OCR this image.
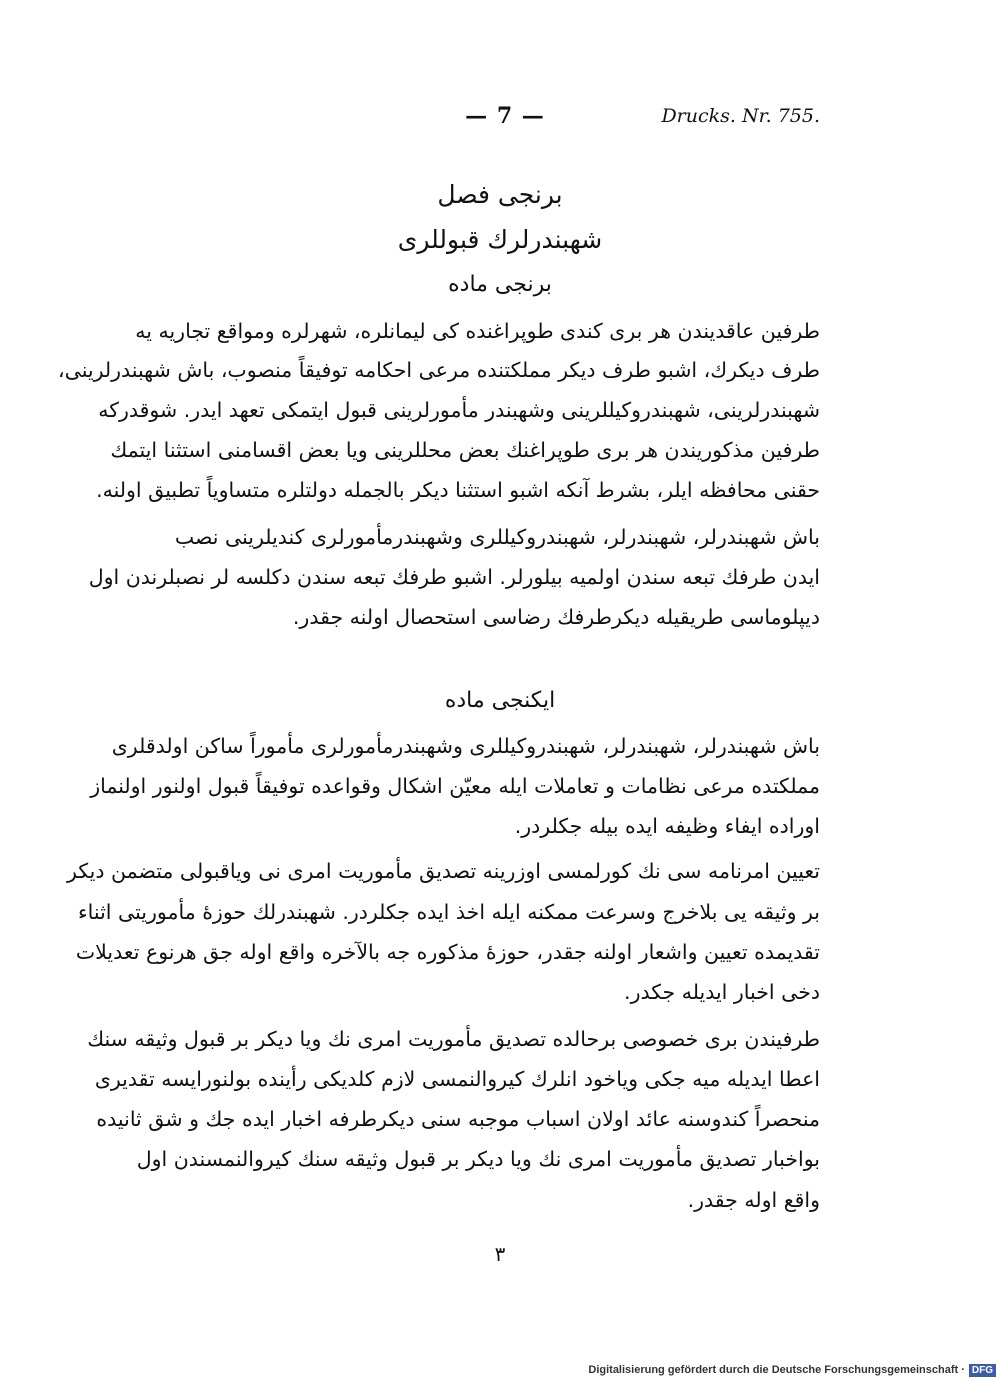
— 7 —	Drucks. Nr. 755.
برنجی فصل
شهبندرلرك قبوللری
برنجی ماده
طرفین عاقدیندن هر بری کندی طوپراغنده کی لیمانلره، شهرلره ومواقع تجاریه یه
طرف دیکرك، اشبو طرف دیکر مملکتنده مرعی احکامه توفیقاً منصوب، باش شهبندرلرینی،
شهبندرلرینی، شهبندروکیللرینی وشهبندر مأمورلرینی قبول ایتمکی تعهد ایدر. شوقدرکه
طرفین مذکوریندن هر بری طوپراغنك بعض محللرینی ویا بعض اقسامنی استثنا ایتمك
حقنی محافظه ایلر، بشرط آنکه اشبو استثنا دیکر بالجمله دولتلره متساویاً تطبیق اولنه.
باش شهبندرلر، شهبندرلر، شهبندروکیللری وشهبندرمأمورلری کندیلرینی نصب
ایدن طرفك تبعه سندن اولمیه بیلورلر. اشبو طرفك تبعه سندن دکلسه لر نصبلرندن اول
دیپلوماسی طریقیله دیکرطرفك رضاسی استحصال اولنه جقدر.
ایکنجی ماده
باش شهبندرلر، شهبندرلر، شهبندروکیللری وشهبندرمأمورلری مأموراً ساکن اولدقلری
مملکتده مرعی نظامات و تعاملات ایله معیّن اشکال وقواعده توفیقاً قبول اولنور اولنماز
اوراده ایفاء وظیفه ایده بیله جکلردر.
تعیین امرنامه سی نك کورلمسی اوزرینه تصدیق مأموریت امری نی ویاقبولی متضمن دیکر
بر وثیقه یی بلاخرج وسرعت ممکنه ایله اخذ ایده جکلردر. شهبندرلك حوزهٔ مأموریتی اثناء
تقدیمده تعیین واشعار اولنه جقدر، حوزهٔ مذکوره جه بالآخره واقع اوله جق هرنوع تعدیلات
دخی اخبار ایدیله جکدر.
طرفیندن بری خصوصی برحالده تصدیق مأموریت امری نك ویا دیکر بر قبول وثیقه سنك
اعطا ایدیله میه جکی ویاخود انلرك کیروالنمسی لازم کلدیکی رأینده بولنورایسه تقدیری
منحصراً کندوسنه عائد اولان اسباب موجبه سنی دیکرطرفه اخبار ایده جك و شق ثانیده
بواخبار تصدیق مأموریت امری نك ویا دیکر بر قبول وثیقه سنك کیروالنمسندن اول
واقع اوله جقدر.
٣
Digitalisierung gefördert durch die Deutsche Forschungsgemeinschaft · DFG
